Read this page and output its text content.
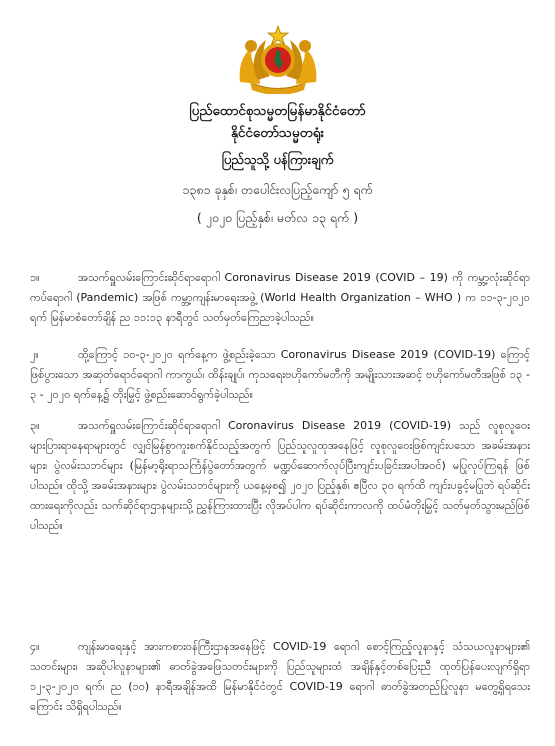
ပြည်ထောင်စုသမ္မတမြန်မာနိုင်ငံတော်
နိုင်ငံတော်သမ္မတရုံး
ပြည်သူသို့ ပန်ကြားချက်
၁၃၈၁ ခုနှစ်၊ တပေါင်းလပြည့်ကျော် ၅ ရက်
( ၂၀၂၀ ပြည့်နှစ်၊ မတ်လ ၁၃ ရက် )
၁။	အသက်ရှူလမ်းကြောင်းဆိုင်ရာရောဂါ Coronavirus Disease 2019 (COVID – 19) ကို ကမ္ဘာ့လုံးဆိုင်ရာကပ်ရောဂါ (Pandemic) အဖြစ် ကမ္ဘာ့ကျန်းမာရေးအဖွဲ့ (World Health Organization – WHO ) က ၁၁-၃-၂၀၂၀ ရက် မြန်မာစံတော်ချိန် ည ၁၁:၁၃ နာရီတွင် သတ်မှတ်ကြေညာခဲ့ပါသည်။
၂။	ထို့ကြောင့် ၁၀-၃-၂၀၂၀ ရက်နေ့က ဖွဲ့စည်းခဲ့သော Coronavirus Disease 2019 (COVID-19) ကြောင့် ဖြစ်ပွားသော အဆုတ်ရောင်ရောဂါ ကာကွယ်၊ ထိန်းချုပ်၊ ကုသရေးဗဟိုကော်မတီကို အမျိုးသားအဆင့် ဗဟိုကော်မတီအဖြစ် ၁၃ - ၃ - ၂၀၂၀ ရက်နေ့၌ တိုးမြှင့် ဖွဲ့စည်းဆောင်ရွက်ခဲ့ပါသည်။
၃။	အသက်ရှူလမ်းကြောင်းဆိုင်ရာရောဂါ Coronavirus Disease 2019 (COVID-19) သည် လူစုလူဝေးများပြားရာနေရာများတွင် လျှင်မြန်စွာကူးစက်နိုင်သည့်အတွက် ပြည်သူလူထုအနေဖြင့် လူစုလူဝေးဖြစ်ကျင်းပသော အခမ်းအနားများ၊ ပွဲလမ်းသဘင်များ (မြန်မာ့ရိုးရာသင်္ကြန်ပွဲတော်အတွက် မဏ္ဍပ်ဆောက်လုပ်ပြီးကျင်းပခြင်းအပါအဝင်) မပြုလုပ်ကြရန် ဖြစ်ပါသည်။ ထိုသို့ အခမ်းအနားများ၊ ပွဲလမ်းသဘင်များကို ယနေ့မှစ၍ ၂၀၂၀ ပြည့်နှစ်၊ ဧပြီလ ၃၀ ရက်ထိ ကျင်းပခွင့်မပြုဘဲ ရပ်ဆိုင်းထားရေးကိုလည်း သက်ဆိုင်ရာဌာနများသို့ ညွှန်ကြားထားပြီး လိုအပ်ပါက ရပ်ဆိုင်းကာလကို ထပ်မံတိုးမြှင့် သတ်မှတ်သွားမည်ဖြစ်ပါသည်။
၄။	ကျန်းမာရေးနှင့် အားကစားဝန်ကြီးဌာနအနေဖြင့် COVID-19 ရောဂါ စောင့်ကြည့်လူနာနှင့် သံသယလူနာများ၏ သတင်းများ၊ အဆိုပါလူနာများ၏ ဓာတ်ခွဲအဖြေသတင်းများကို ပြည်သူများထံ အချိန်နှင့်တစ်ပြေးညီ ထုတ်ပြန်ပေးလျက်ရှိရာ ၁၂-၃-၂၀၂၀ ရက်၊ ည (၁၀) နာရီအချိန်အထိ မြန်မာနိုင်ငံတွင် COVID-19 ရောဂါ ဓာတ်ခွဲအတည်ပြုလူနာ မတွေ့ရှိရသေးကြောင်း သိရှိရပါသည်။
